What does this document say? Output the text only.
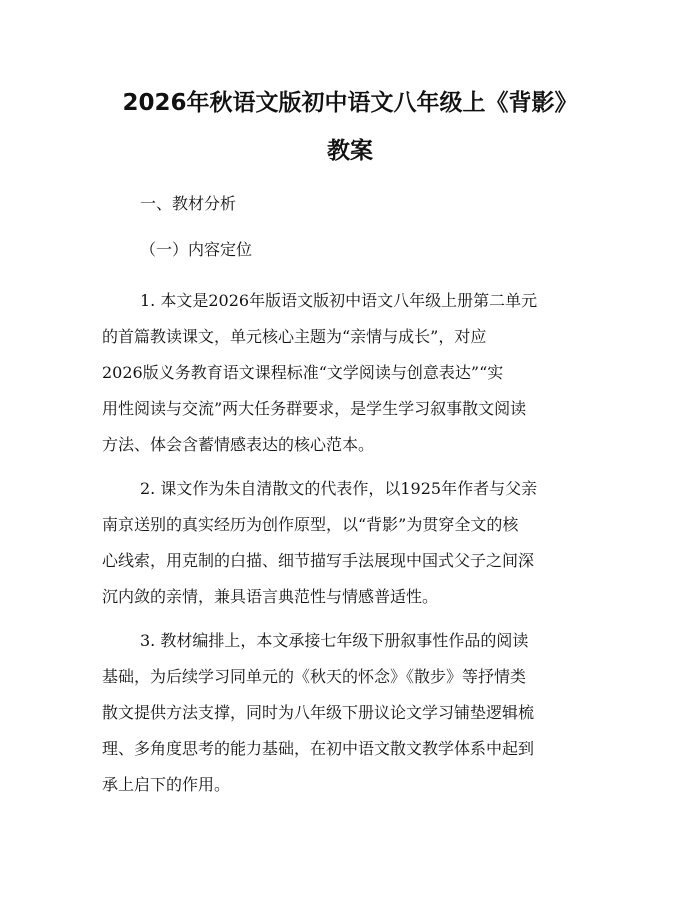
2026年秋语文版初中语文八年级上《背影》
教案
一、教材分析
（一）内容定位
1. 本文是2026年版语文版初中语文八年级上册第二单元
的首篇教读课文，单元核心主题为“亲情与成长”，对应
2026版义务教育语文课程标准“文学阅读与创意表达”“实
用性阅读与交流”两大任务群要求，是学生学习叙事散文阅读
方法、体会含蓄情感表达的核心范本。
2. 课文作为朱自清散文的代表作，以1925年作者与父亲
南京送别的真实经历为创作原型，以“背影”为贯穿全文的核
心线索，用克制的白描、细节描写手法展现中国式父子之间深
沉内敛的亲情，兼具语言典范性与情感普适性。
3. 教材编排上，本文承接七年级下册叙事性作品的阅读
基础，为后续学习同单元的《秋天的怀念》《散步》等抒情类
散文提供方法支撑，同时为八年级下册议论文学习铺垫逻辑梳
理、多角度思考的能力基础，在初中语文散文教学体系中起到
承上启下的作用。
